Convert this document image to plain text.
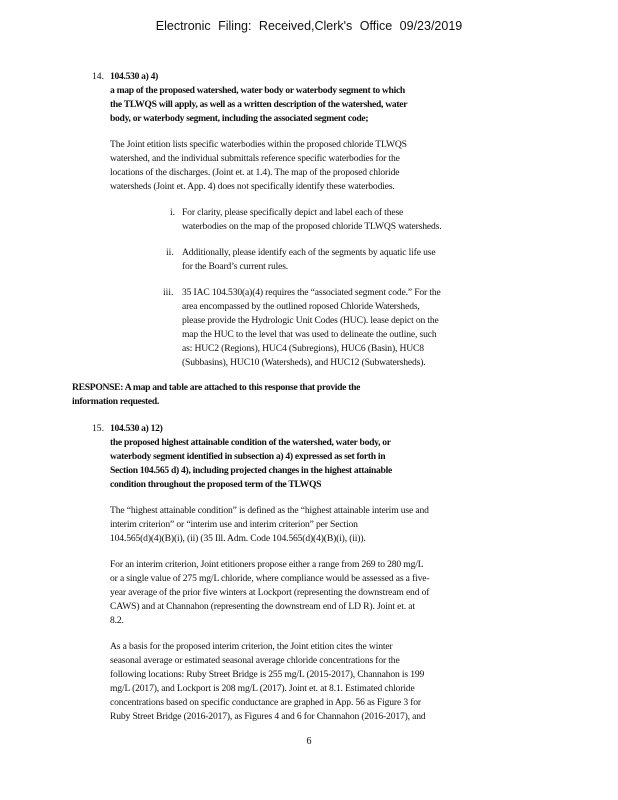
Electronic Filing: Received,Clerk's Office 09/23/2019
14. 104.530 a) 4)
a map of the proposed watershed, water body or waterbody segment to which
the TLWQS will apply, as well as a written description of the watershed, water
body, or waterbody segment, including the associated segment code;
The Joint etition lists specific waterbodies within the proposed chloride TLWQS
watershed, and the individual submittals reference specific waterbodies for the
locations of the discharges. (Joint et. at 1.4). The map of the proposed chloride
watersheds (Joint et. App. 4) does not specifically identify these waterbodies.
i. For clarity, please specifically depict and label each of these
waterbodies on the map of the proposed chloride TLWQS watersheds.
ii. Additionally, please identify each of the segments by aquatic life use
for the Board’s current rules.
iii. 35 IAC 104.530(a)(4) requires the “associated segment code.” For the
area encompassed by the outlined roposed Chloride Watersheds,
please provide the Hydrologic Unit Codes (HUC). lease depict on the
map the HUC to the level that was used to delineate the outline, such
as: HUC2 (Regions), HUC4 (Subregions), HUC6 (Basin), HUC8
(Subbasins), HUC10 (Watersheds), and HUC12 (Subwatersheds).
RESPONSE: A map and table are attached to this response that provide the
information requested.
15. 104.530 a) 12)
the proposed highest attainable condition of the watershed, water body, or
waterbody segment identified in subsection a) 4) expressed as set forth in
Section 104.565 d) 4), including projected changes in the highest attainable
condition throughout the proposed term of the TLWQS
The “highest attainable condition” is defined as the “highest attainable interim use and
interim criterion” or “interim use and interim criterion” per Section
104.565(d)(4)(B)(i), (ii) (35 Ill. Adm. Code 104.565(d)(4)(B)(i), (ii)).
For an interim criterion, Joint etitioners propose either a range from 269 to 280 mg/L
or a single value of 275 mg/L chloride, where compliance would be assessed as a five-
year average of the prior five winters at Lockport (representing the downstream end of
CAWS) and at Channahon (representing the downstream end of LD R). Joint et. at
8.2.
As a basis for the proposed interim criterion, the Joint etition cites the winter
seasonal average or estimated seasonal average chloride concentrations for the
following locations: Ruby Street Bridge is 255 mg/L (2015-2017), Channahon is 199
mg/L (2017), and Lockport is 208 mg/L (2017). Joint et. at 8.1. Estimated chloride
concentrations based on specific conductance are graphed in App. 56 as Figure 3 for
Ruby Street Bridge (2016-2017), as Figures 4 and 6 for Channahon (2016-2017), and
6
